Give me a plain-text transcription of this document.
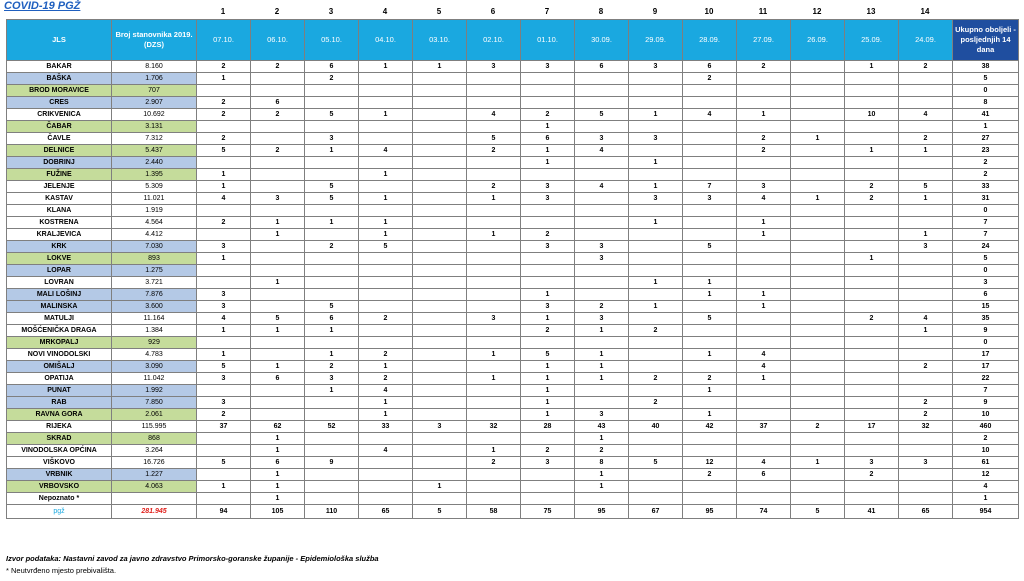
COVID-19 PGŽ	1	2	3	4	5	6	7	8	9	10	11	12	13	14
JLS	Broj stanovnika 2019. (DZS)	07.10.	06.10.	05.10.	04.10.	03.10.	02.10.	01.10.	30.09.	29.09.	28.09.	27.09.	26.09.	25.09.	24.09.	Ukupno oboljeli - posljednjih 14 dana
BAKAR	8.160	2	2	6	1	1	3	3	6	3	6	2		1	2	38
BAŠKA	1.706	1		2							2					5
BROD MORAVICE	707															0
CRES	2.907	2	6													8
CRIKVENICA	10.692	2	2	5	1		4	2	5	1	4	1		10	4	41
ČABAR	3.131							1								1
ČAVLE	7.312	2		3			5	6	3	3		2	1		2	27
DELNICE	5.437	5	2	1	4		2	1	4			2		1	1	23
DOBRINJ	2.440							1		1						2
FUŽINE	1.395	1			1											2
JELENJE	5.309	1		5			2	3	4	1	7	3		2	5	33
KASTAV	11.021	4	3	5	1		1	3		3	3	4	1	2	1	31
KLANA	1.919															0
KOSTRENA	4.564	2	1	1	1					1		1				7
KRALJEVICA	4.412		1		1		1	2				1			1	7
KRK	7.030	3		2	5			3	3		5				3	24
LOKVE	893	1							3					1		5
LOPAR	1.275															0
LOVRAN	3.721		1							1	1					3
MALI LOŠINJ	7.876	3						1			1	1				6
MALINSKA	3.600	3		5				3	2	1		1				15
MATULJI	11.164	4	5	6	2		3	1	3		5			2	4	35
MOŠĆENIČKA DRAGA	1.384	1	1	1				2	1	2					1	9
MRKOPALJ	929															0
NOVI VINODOLSKI	4.783	1		1	2		1	5	1		1	4				17
OMIŠALJ	3.090	5	1	2	1			1	1			4			2	17
OPATIJA	11.042	3	6	3	2		1	1	1	2	2	1				22
PUNAT	1.992			1	4			1			1					7
RAB	7.850	3			1			1		2					2	9
RAVNA GORA	2.061	2			1			1	3		1				2	10
RIJEKA	115.995	37	62	52	33	3	32	28	43	40	42	37	2	17	32	460
SKRAD	868		1						1							2
VINODOLSKA OPĆINA	3.264		1		4		1	2	2							10
VIŠKOVO	16.726	5	6	9			2	3	8	5	12	4	1	3	3	61
VRBNIK	1.227		1						1		2	6		2		12
VRBOVSKO	4.063	1	1			1			1							4
Nepoznato *			1													1
pgž	281.945	94	105	110	65	5	58	75	95	67	95	74	5	41	65	954
Izvor podataka: Nastavni zavod za javno zdravstvo Primorsko-goranske županije - Epidemiološka služba
* Neutvrđeno mjesto prebivališta.
